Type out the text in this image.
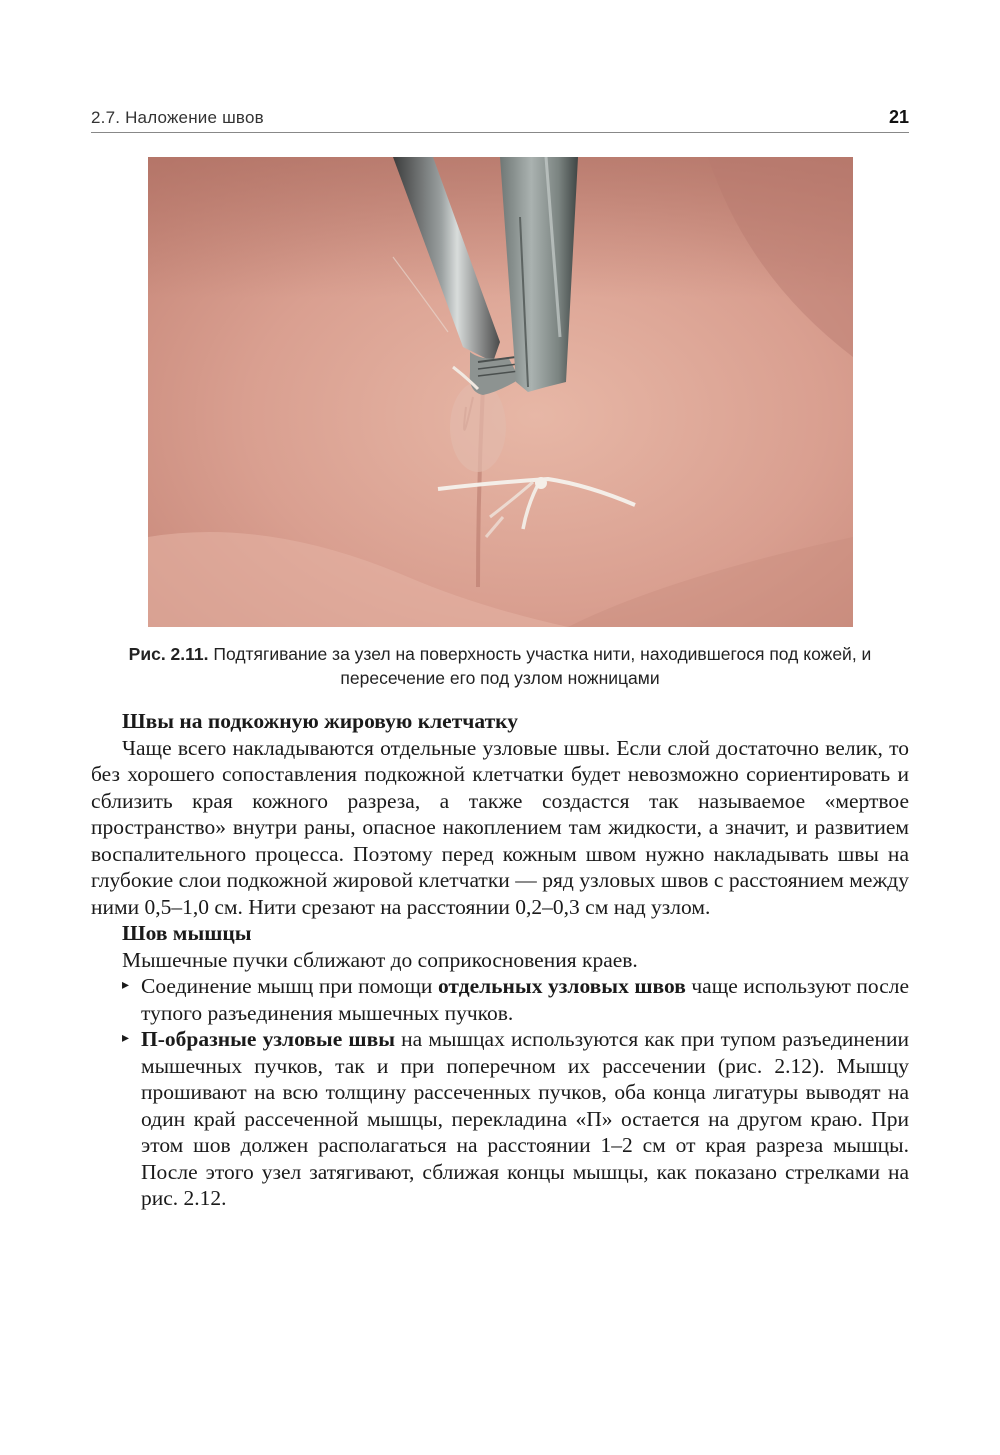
2.7. Наложение швов	21
Рис. 2.11. Подтягивание за узел на поверхность участка нити, находившегося под кожей, и пересечение его под узлом ножницами

Швы на подкожную жировую клетчатку

Чаще всего накладываются отдельные узловые швы. Если слой достаточно велик, то без хорошего сопоставления подкожной клетчатки будет невозможно сориентировать и сблизить края кожного разреза, а также создастся так называемое «мертвое пространство» внутри раны, опасное накоплением там жидкости, а значит, и развитием воспалительного процесса. Поэтому перед кожным швом нужно накладывать швы на глубокие слои подкожной жировой клетчатки — ряд узловых швов с расстоянием между ними 0,5–1,0 см. Нити срезают на расстоянии 0,2–0,3 см над узлом.

Шов мышцы

Мышечные пучки сближают до соприкосновения краев.

▸ Соединение мышц при помощи отдельных узловых швов чаще используют после тупого разъединения мышечных пучков.
▸ П-образные узловые швы на мышцах используются как при тупом разъединении мышечных пучков, так и при поперечном их рассечении (рис. 2.12). Мышцу прошивают на всю толщину рассеченных пучков, оба конца лигатуры выводят на один край рассеченной мышцы, перекладина «П» остается на другом краю. При этом шов должен располагаться на расстоянии 1–2 см от края разреза мышцы. После этого узел затягивают, сближая концы мышцы, как показано стрелками на рис. 2.12.
